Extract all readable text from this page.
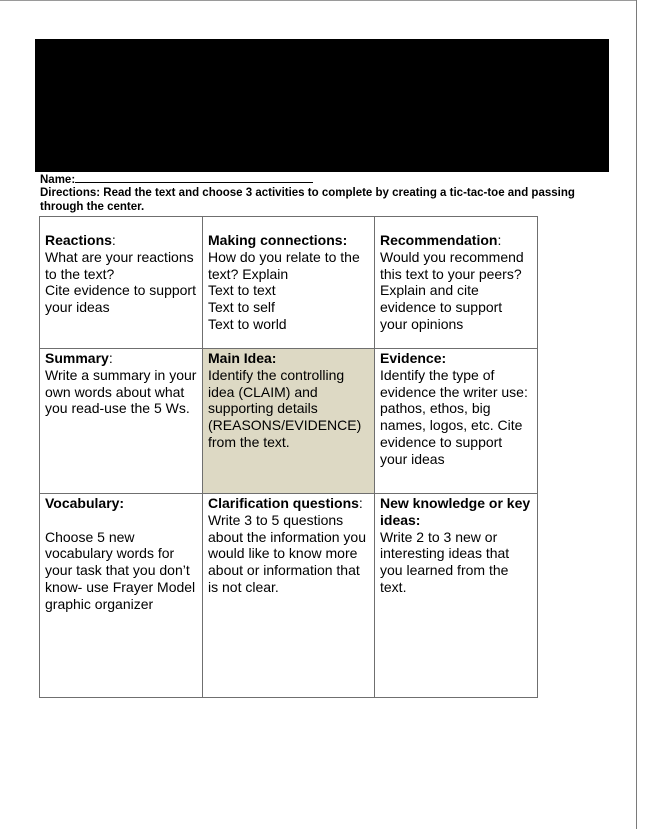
Name:
Directions: Read the text and choose 3 activities to complete by creating a tic-tac-toe and passing through the center.
Reactions:
What are your reactions to the text?
Cite evidence to support your ideas	Making connections:
How do you relate to the text? Explain
Text to text
Text to self
Text to world	Recommendation:
Would you recommend this text to your peers? Explain and cite evidence to support your opinions

Summary:
Write a summary in your own words about what you read-use the 5 Ws.	Main Idea:
Identify the controlling idea (CLAIM) and supporting details (REASONS/EVIDENCE) from the text.	Evidence:
Identify the type of evidence the writer use: pathos, ethos, big names, logos, etc. Cite evidence to support your ideas

Vocabulary:
Choose 5 new vocabulary words for your task that you don’t know- use Frayer Model graphic organizer	Clarification questions:
Write 3 to 5 questions about the information you would like to know more about or information that is not clear.	New knowledge or key ideas:
Write 2 to 3 new or interesting ideas that you learned from the text.
